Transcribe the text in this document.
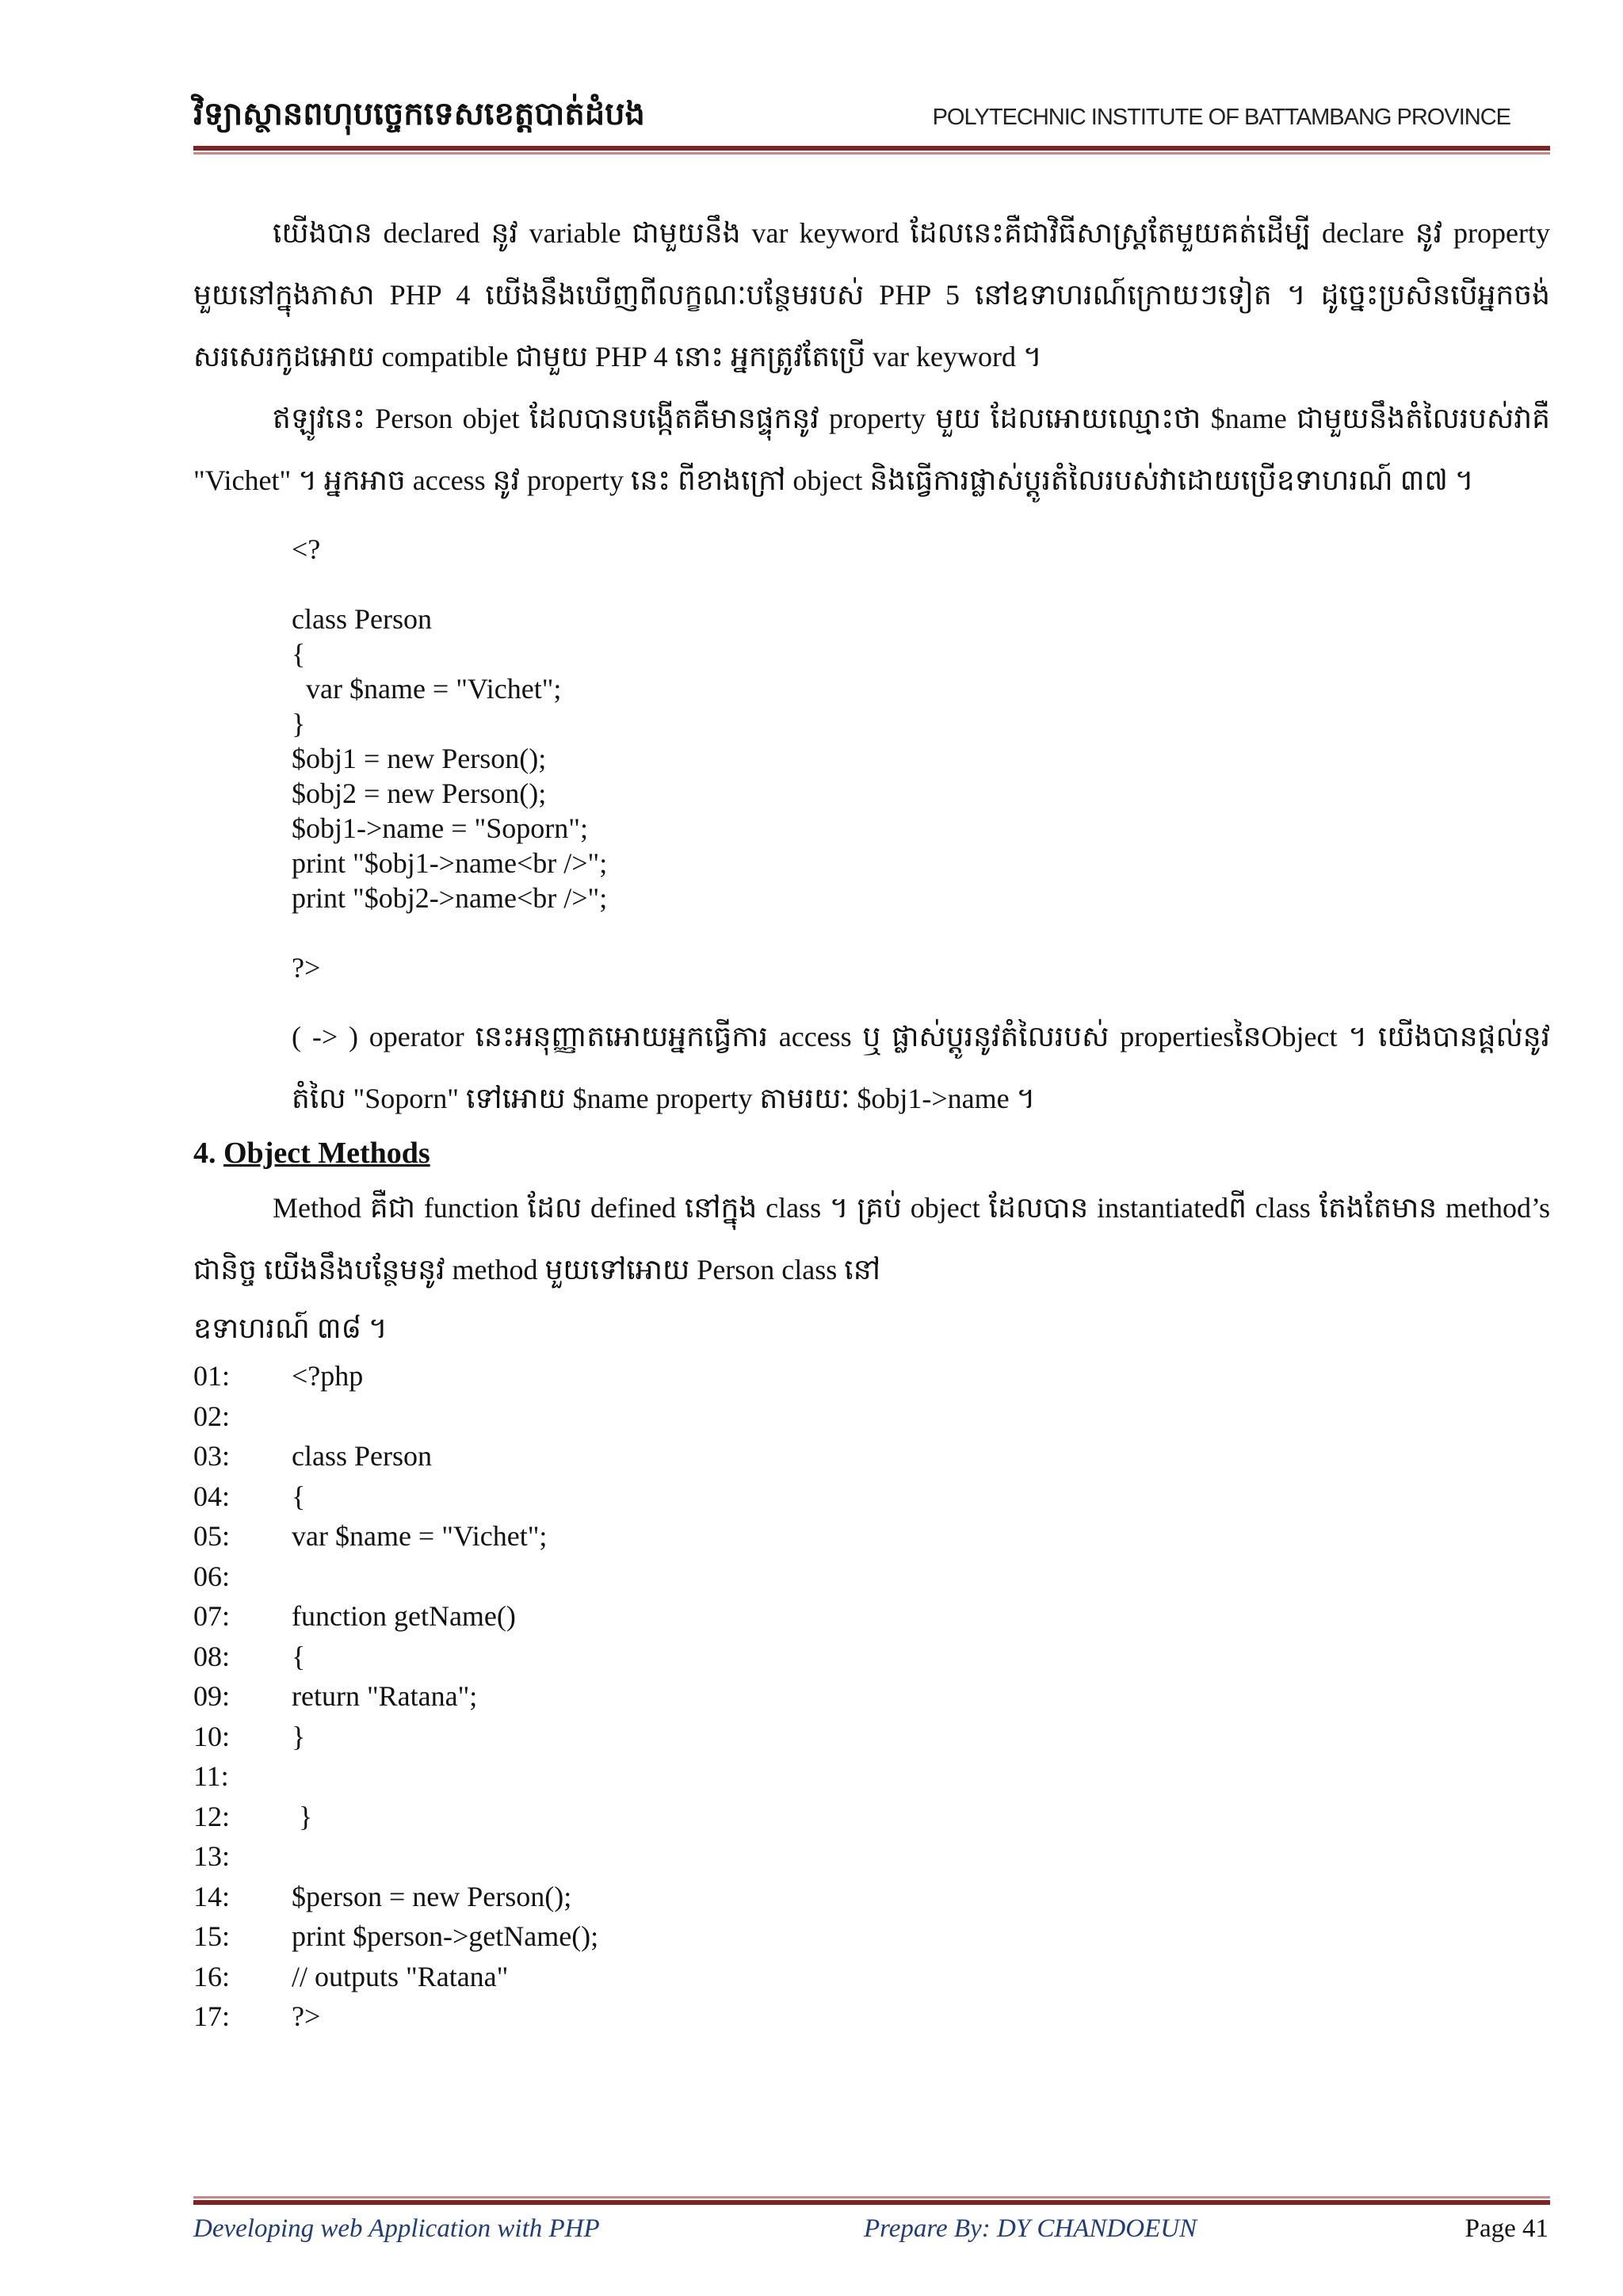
វិទ្យាស្ថានពហុបច្ចេកទេសខេត្តបាត់ដំបង	POLYTECHNIC INSTITUTE OF BATTAMBANG PROVINCE

យើងបាន declared នូវ variable ជាមួយនឹង var keyword ដែលនេះគឺជាវិធីសាស្រ្តតែមួយគត់ដើម្បី declare នូវ property មួយនៅក្នុងភាសា PHP 4 យើងនឹងឃើញពីលក្ខណៈបន្ថែមរបស់ PHP 5 នៅឧទាហរណ៍ក្រោយៗទៀត ។ ដូច្នេះប្រសិនបើអ្នកចង់សរសេរកូដអោយ compatible ជាមួយ PHP 4 នោះ អ្នកត្រូវតែប្រើ var keyword ។

ឥឡូវនេះ Person objet ដែលបានបង្កើតគឺមានផ្ទុកនូវ property មួយ ដែលអោយឈ្មោះថា $name ជាមួយនឹងតំលៃរបស់វាគឺ "Vichet" ។ អ្នកអាច access នូវ property នេះ ពីខាងក្រៅ object និងធ្វើការផ្លាស់ប្តូរតំលៃរបស់វាដោយប្រើឧទាហរណ៍ ៣៧ ។

<?
class Person
{
var $name = "Vichet";
}
$obj1 = new Person();
$obj2 = new Person();
$obj1->name = "Soporn";
print "$obj1->name<br />";
print "$obj2->name<br />";
?>

( -> ) operator នេះអនុញ្ញាតអោយអ្នកធ្វើការ access ឬ ផ្លាស់ប្តូរនូវតំលៃរបស់ propertiesនៃObject ។ យើងបានផ្តល់នូវតំលៃ "Soporn" ទៅអោយ $name property តាមរយៈ $obj1->name ។

4. Object Methods

Method គឺជា function ដែល defined នៅក្នុង class ។ គ្រប់ object ដែលបាន instantiatedពី class តែងតែមាន method’s ជានិច្ច យើងនឹងបន្ថែមនូវ method មួយទៅអោយ Person class នៅ

ឧទាហរណ៍ ៣៨ ។

01:	<?php
02:
03:	class Person
04:	{
05:	var $name = "Vichet";
06:
07:	function getName()
08:	{
09:	return "Ratana";
10:	}
11:
12:	}
13:
14:	$person = new Person();
15:	print $person->getName();
16:	// outputs "Ratana"
17:	?>
Developing web Application with PHP	Prepare By: DY CHANDOEUN	Page 41
